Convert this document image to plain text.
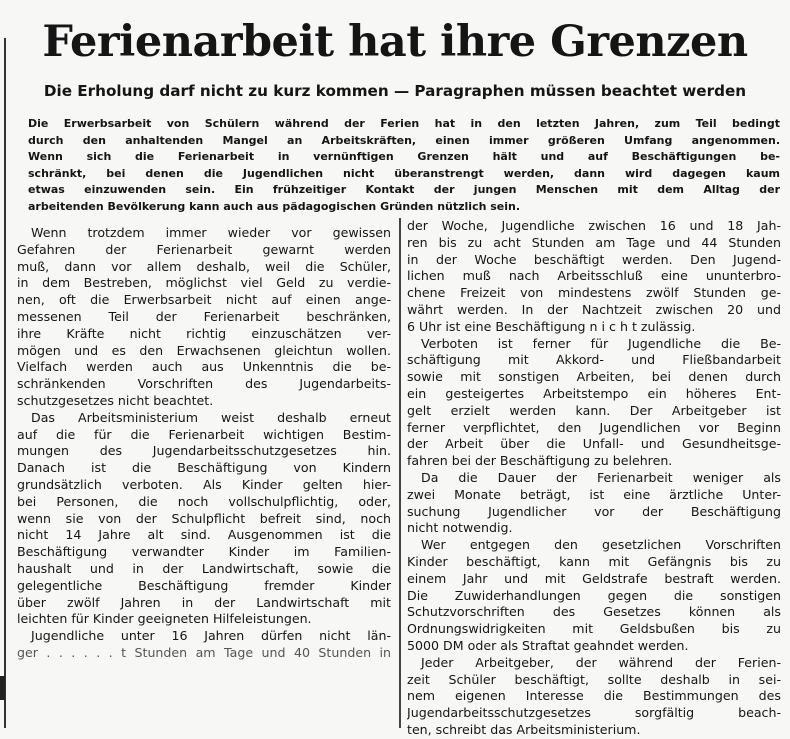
Ferienarbeit hat ihre Grenzen
Die Erholung darf nicht zu kurz kommen — Paragraphen müssen beachtet werden
Die Erwerbsarbeit von Schülern während der Ferien hat in den letzten Jahren, zum Teil bedingt
durch den anhaltenden Mangel an Arbeitskräften, einen immer größeren Umfang angenommen.
Wenn sich die Ferienarbeit in vernünftigen Grenzen hält und auf Beschäftigungen be-
schränkt, bei denen die Jugendlichen nicht überanstrengt werden, dann wird dagegen kaum
etwas einzuwenden sein. Ein frühzeitiger Kontakt der jungen Menschen mit dem Alltag der
arbeitenden Bevölkerung kann auch aus pädagogischen Gründen nützlich sein.
Wenn trotzdem immer wieder vor gewissen
Gefahren der Ferienarbeit gewarnt werden
muß, dann vor allem deshalb, weil die Schüler,
in dem Bestreben, möglichst viel Geld zu verdie-
nen, oft die Erwerbsarbeit nicht auf einen ange-
messenen Teil der Ferienarbeit beschränken,
ihre Kräfte nicht richtig einzuschätzen ver-
mögen und es den Erwachsenen gleichtun wollen.
Vielfach werden auch aus Unkenntnis die be-
schränkenden Vorschriften des Jugendarbeits-
schutzgesetzes nicht beachtet.
Das Arbeitsministerium weist deshalb erneut
auf die für die Ferienarbeit wichtigen Bestim-
mungen des Jugendarbeitsschutzgesetzes hin.
Danach ist die Beschäftigung von Kindern
grundsätzlich verboten. Als Kinder gelten hier-
bei Personen, die noch vollschulpflichtig, oder,
wenn sie von der Schulpflicht befreit sind, noch
nicht 14 Jahre alt sind. Ausgenommen ist die
Beschäftigung verwandter Kinder im Familien-
haushalt und in der Landwirtschaft, sowie die
gelegentliche Beschäftigung fremder Kinder
über zwölf Jahren in der Landwirtschaft mit
leichten für Kinder geeigneten Hilfeleistungen.
Jugendliche unter 16 Jahren dürfen nicht län-
ger . . . . . . t Stunden am Tage und 40 Stunden in
der Woche, Jugendliche zwischen 16 und 18 Jah-
ren bis zu acht Stunden am Tage und 44 Stunden
in der Woche beschäftigt werden. Den Jugend-
lichen muß nach Arbeitsschluß eine ununterbro-
chene Freizeit von mindestens zwölf Stunden ge-
währt werden. In der Nachtzeit zwischen 20 und
6 Uhr ist eine Beschäftigung n i c h t zulässig.
Verboten ist ferner für Jugendliche die Be-
schäftigung mit Akkord- und Fließbandarbeit
sowie mit sonstigen Arbeiten, bei denen durch
ein gesteigertes Arbeitstempo ein höheres Ent-
gelt erzielt werden kann. Der Arbeitgeber ist
ferner verpflichtet, den Jugendlichen vor Beginn
der Arbeit über die Unfall- und Gesundheitsge-
fahren bei der Beschäftigung zu belehren.
Da die Dauer der Ferienarbeit weniger als
zwei Monate beträgt, ist eine ärztliche Unter-
suchung Jugendlicher vor der Beschäftigung
nicht notwendig.
Wer entgegen den gesetzlichen Vorschriften
Kinder beschäftigt, kann mit Gefängnis bis zu
einem Jahr und mit Geldstrafe bestraft werden.
Die Zuwiderhandlungen gegen die sonstigen
Schutzvorschriften des Gesetzes können als
Ordnungswidrigkeiten mit Geldsbußen bis zu
5000 DM oder als Straftat geahndet werden.
Jeder Arbeitgeber, der während der Ferien-
zeit Schüler beschäftigt, sollte deshalb in sei-
nem eigenen Interesse die Bestimmungen des
Jugendarbeitsschutzgesetzes sorgfältig beach-
ten, schreibt das Arbeitsministerium.
